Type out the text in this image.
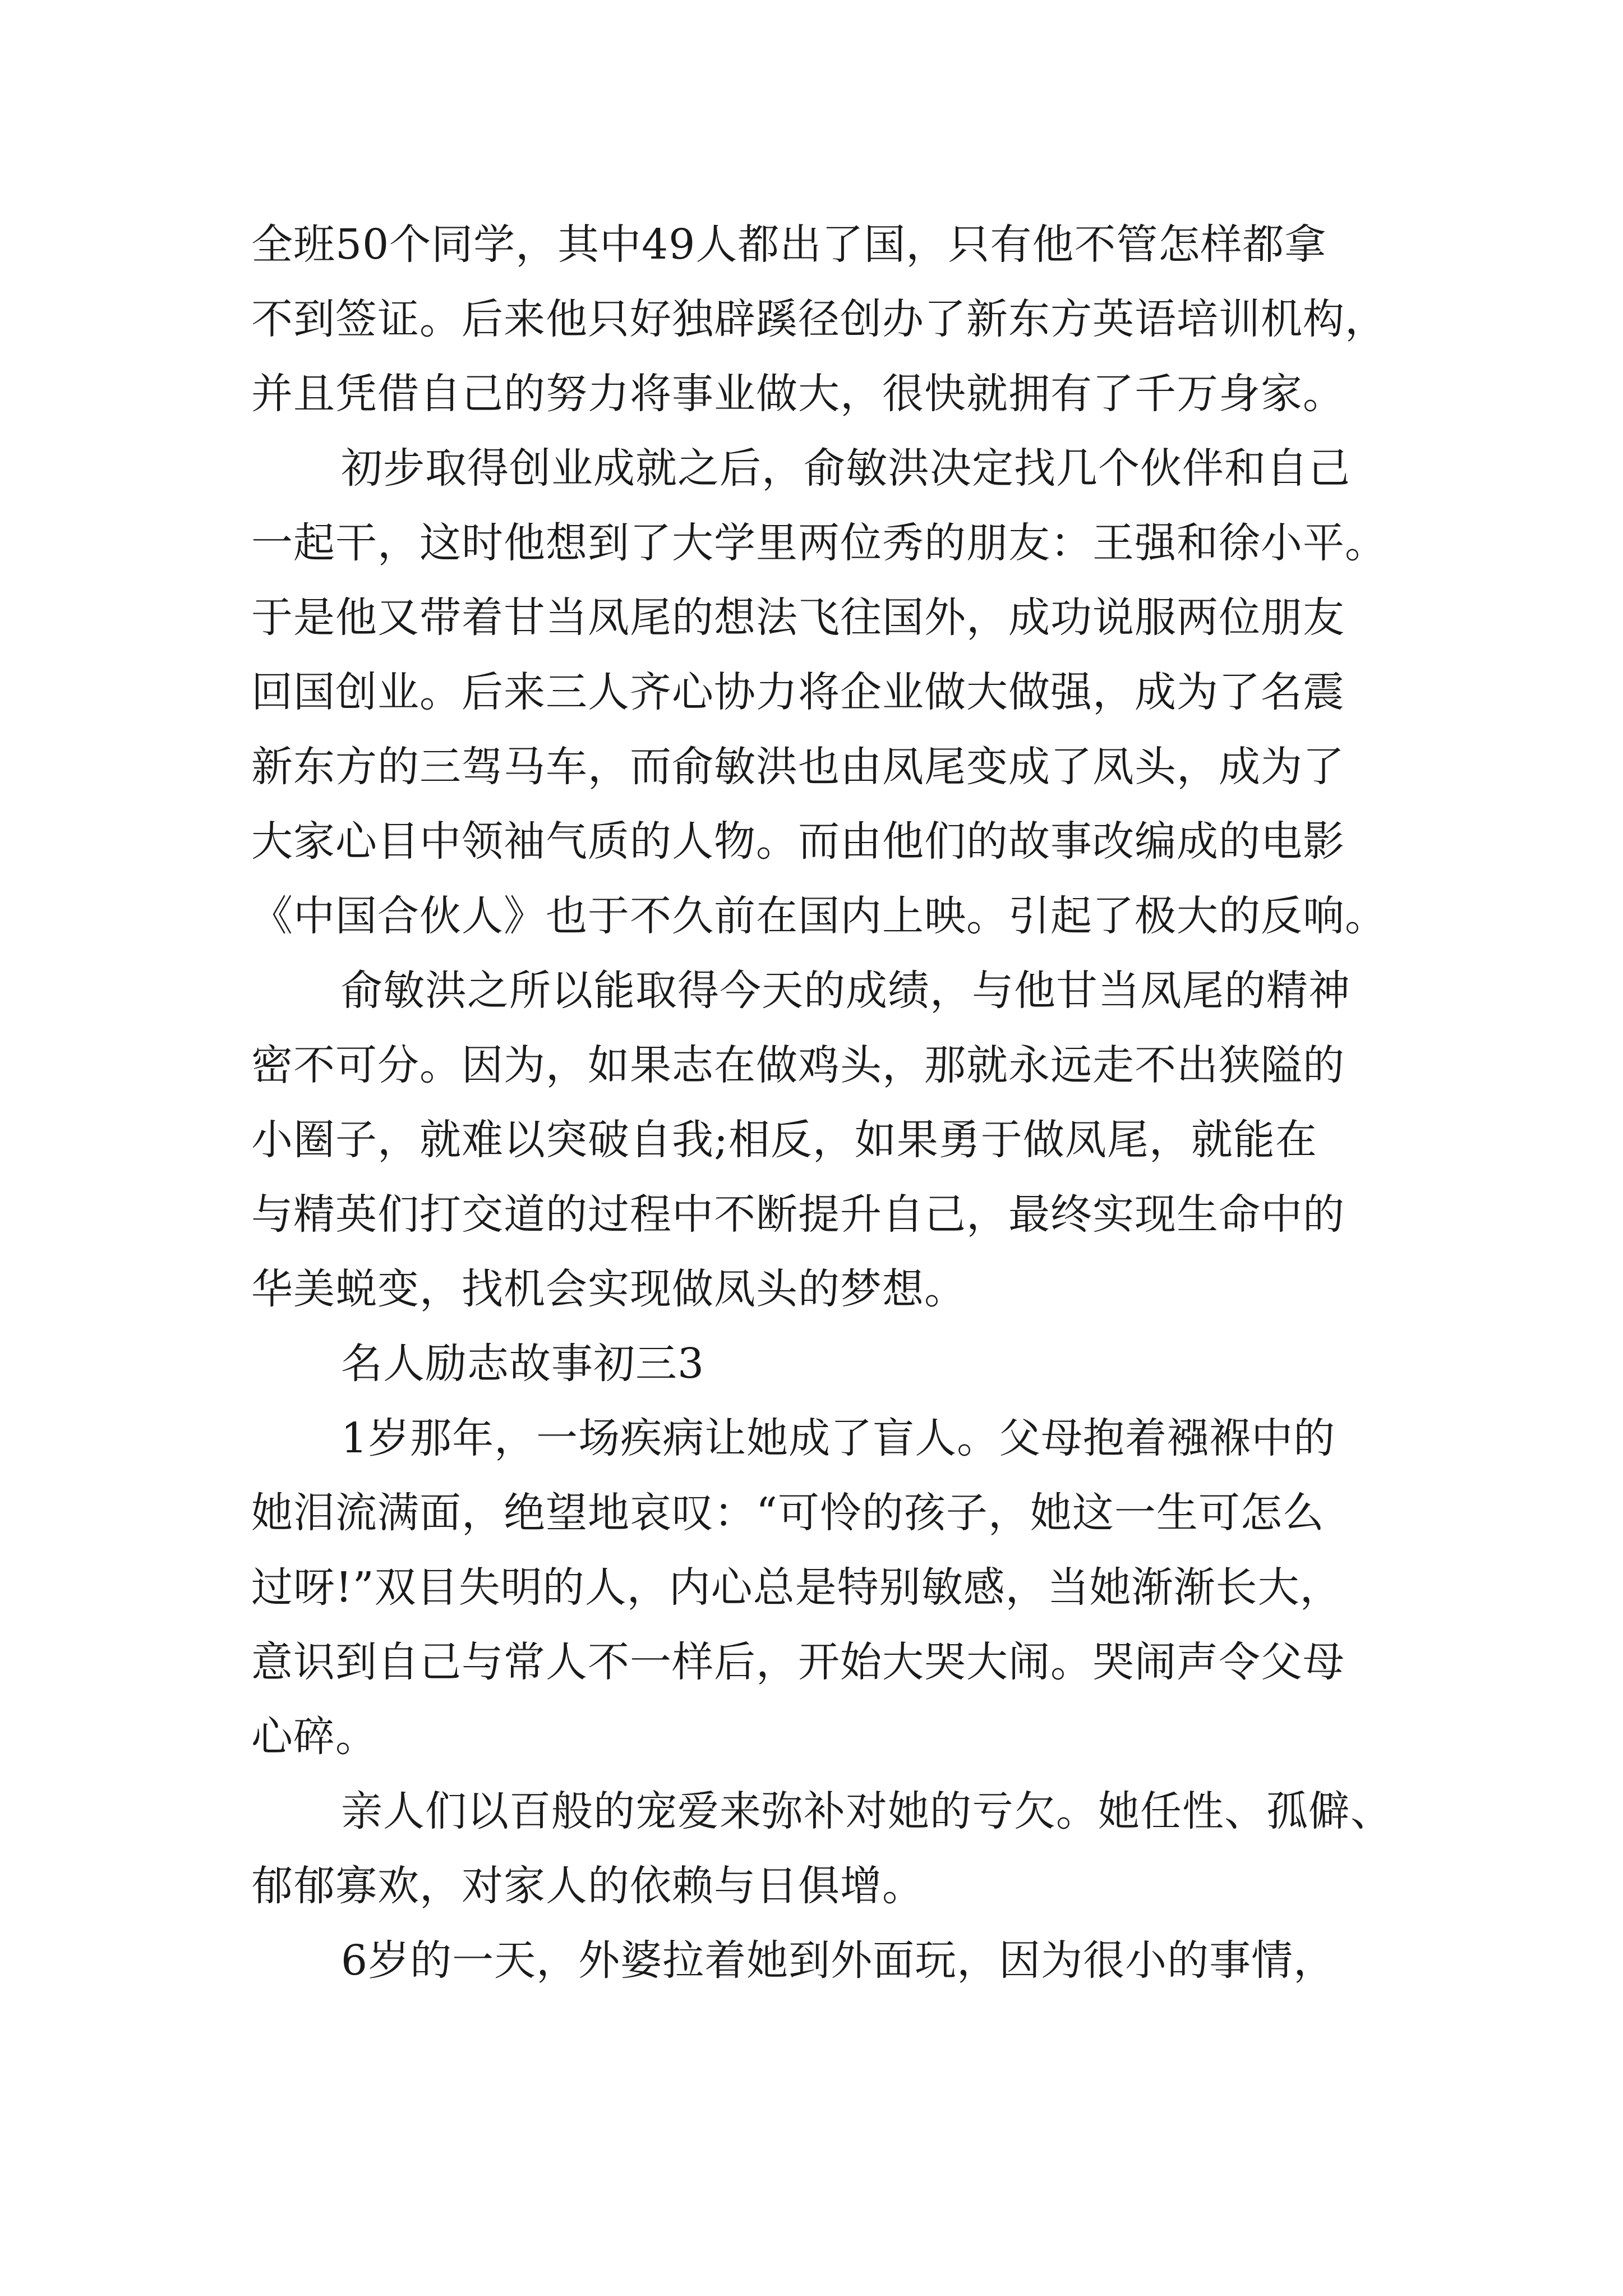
全班50个同学，其中49人都出了国，只有他不管怎样都拿
不到签证。后来他只好独辟蹊径创办了新东方英语培训机构，
并且凭借自己的努力将事业做大，很快就拥有了千万身家。
初步取得创业成就之后，俞敏洪决定找几个伙伴和自己
一起干，这时他想到了大学里两位秀的朋友：王强和徐小平。
于是他又带着甘当凤尾的想法飞往国外，成功说服两位朋友
回国创业。后来三人齐心协力将企业做大做强，成为了名震
新东方的三驾马车，而俞敏洪也由凤尾变成了凤头，成为了
大家心目中领袖气质的人物。而由他们的故事改编成的电影
《中国合伙人》也于不久前在国内上映。引起了极大的反响。
俞敏洪之所以能取得今天的成绩，与他甘当凤尾的精神
密不可分。因为，如果志在做鸡头，那就永远走不出狭隘的
小圈子，就难以突破自我;相反，如果勇于做凤尾，就能在
与精英们打交道的过程中不断提升自己，最终实现生命中的
华美蜕变，找机会实现做凤头的梦想。
名人励志故事初三3
1岁那年，一场疾病让她成了盲人。父母抱着襁褓中的
她泪流满面，绝望地哀叹：“可怜的孩子，她这一生可怎么
过呀!”双目失明的人，内心总是特别敏感，当她渐渐长大，
意识到自己与常人不一样后，开始大哭大闹。哭闹声令父母
心碎。
亲人们以百般的宠爱来弥补对她的亏欠。她任性、孤僻、
郁郁寡欢，对家人的依赖与日俱增。
6岁的一天，外婆拉着她到外面玩，因为很小的事情，
